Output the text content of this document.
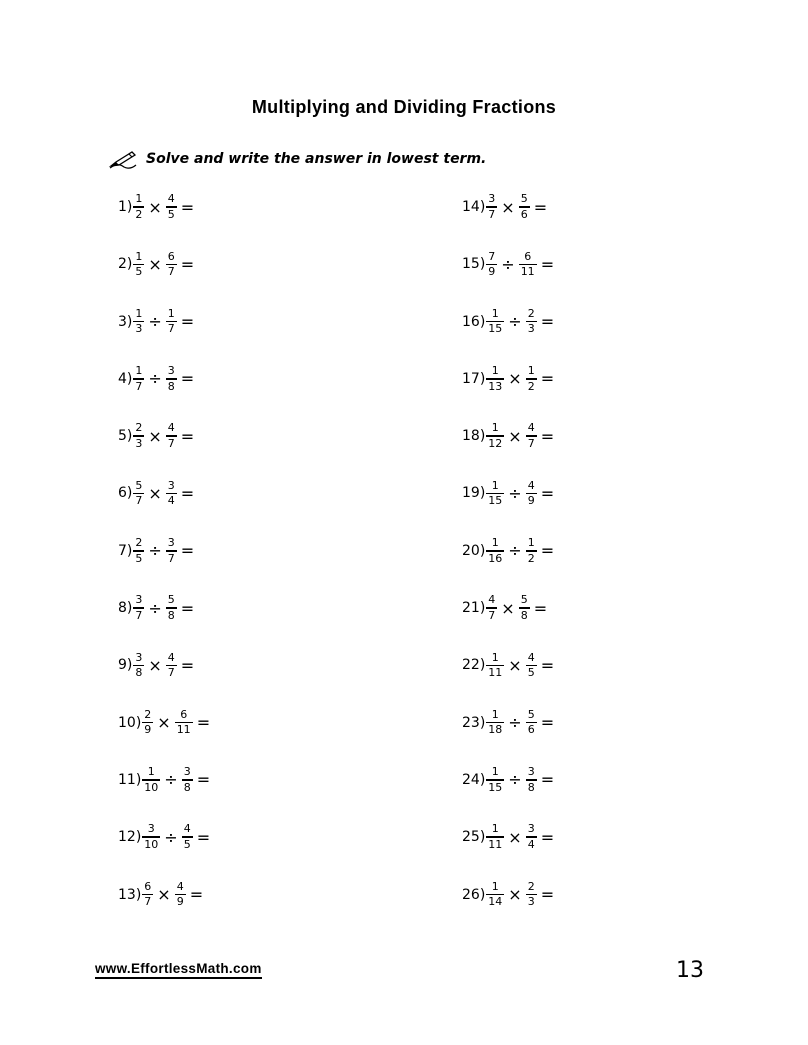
Multiplying and Dividing Fractions
Solve and write the answer in lowest term.
$1) \frac{1}{2} \times \frac{4}{5}$ =
$2) \frac{1}{5} \times \frac{6}{7}$ =
$3) \frac{1}{3} \div \frac{1}{7}$ =
$4) \frac{1}{7} \div \frac{3}{8}$ =
$5) \frac{2}{3} \times \frac{4}{7}$ =
$6) \frac{5}{7} \times \frac{3}{4}$ =
$7) \frac{2}{5} \div \frac{3}{7}$ =
$8) \frac{3}{7} \div \frac{5}{8}$ =
$9) \frac{3}{8} \times \frac{4}{7}$ =
$10) \frac{2}{9} \times \frac{6}{11}$ =
$11) \frac{1}{10} \div \frac{3}{8}$ =
$12) \frac{3}{10} \div \frac{4}{5}$ =
$13) \frac{6}{7} \times \frac{4}{9}$ =
$14) \frac{3}{7} \times \frac{5}{6}$ =
$15) \frac{7}{9} \div \frac{6}{11}$ =
$16) \frac{1}{15} \div \frac{2}{3}$ =
$17) \frac{1}{13} \times \frac{1}{2}$ =
$18) \frac{1}{12} \times \frac{4}{7}$ =
$19) \frac{1}{15} \div \frac{4}{9}$ =
$20) \frac{1}{16} \div \frac{1}{2}$ =
$21) \frac{4}{7} \times \frac{5}{8}$ =
$22) \frac{1}{11} \times \frac{4}{5}$ =
$23) \frac{1}{18} \div \frac{5}{6}$ =
$24) \frac{1}{15} \div \frac{3}{8}$ =
$25) \frac{1}{11} \times \frac{3}{4}$ =
$26) \frac{1}{14} \times \frac{2}{3}$ =
www.EffortlessMath.com	13
